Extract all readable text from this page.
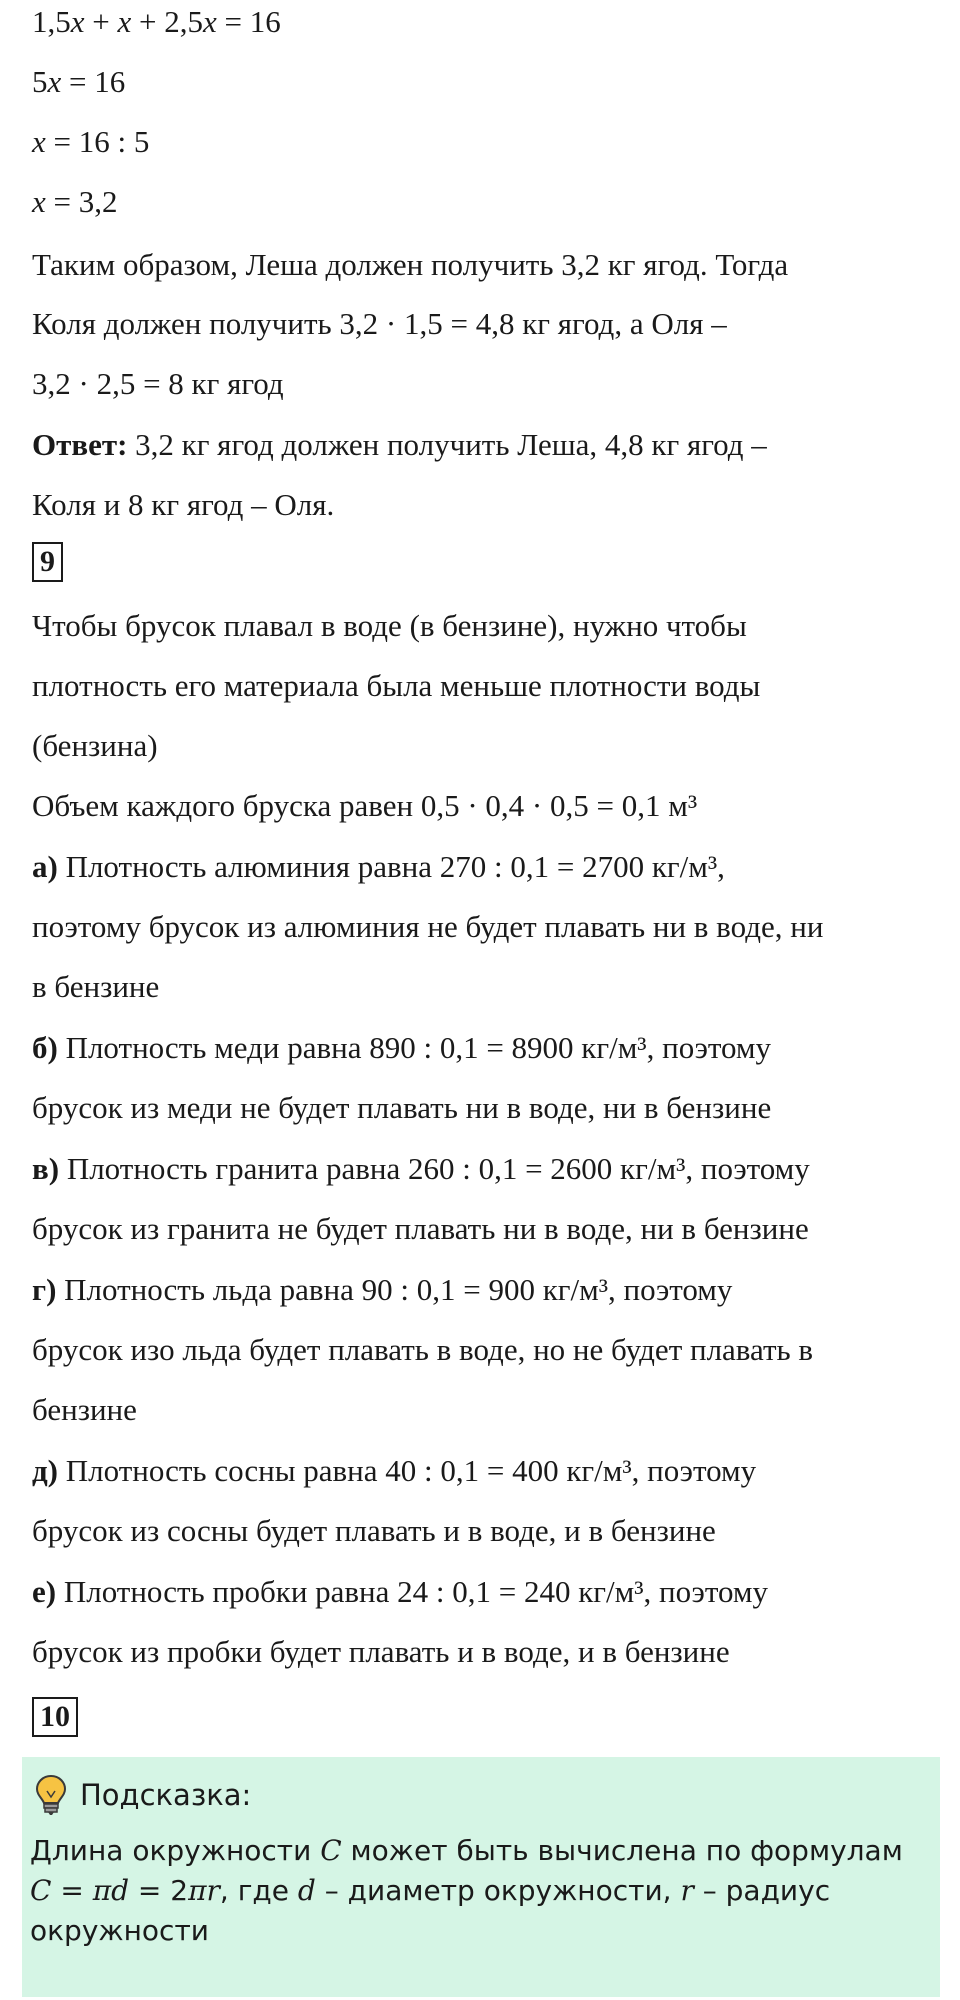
1,5x + x + 2,5x = 16
5x = 16
x = 16 : 5
x = 3,2
Таким образом, Леша должен получить 3,2 кг ягод. Тогда
Коля должен получить 3,2 · 1,5 = 4,8 кг ягод, а Оля –
3,2 · 2,5 = 8 кг ягод
Ответ: 3,2 кг ягод должен получить Леша, 4,8 кг ягод –
Коля и 8 кг ягод – Оля.
9
Чтобы брусок плавал в воде (в бензине), нужно чтобы
плотность его материала была меньше плотности воды
(бензина)
Объем каждого бруска равен 0,5 · 0,4 · 0,5 = 0,1 м³
а) Плотность алюминия равна 270 : 0,1 = 2700 кг/м³,
поэтому брусок из алюминия не будет плавать ни в воде, ни
в бензине
б) Плотность меди равна 890 : 0,1 = 8900 кг/м³, поэтому
брусок из меди не будет плавать ни в воде, ни в бензине
в) Плотность гранита равна 260 : 0,1 = 2600 кг/м³, поэтому
брусок из гранита не будет плавать ни в воде, ни в бензине
г) Плотность льда равна 90 : 0,1 = 900 кг/м³, поэтому
брусок изо льда будет плавать в воде, но не будет плавать в
бензине
д) Плотность сосны равна 40 : 0,1 = 400 кг/м³, поэтому
брусок из сосны будет плавать и в воде, и в бензине
е) Плотность пробки равна 24 : 0,1 = 240 кг/м³, поэтому
брусок из пробки будет плавать и в воде, и в бензине
10
Подсказка:
Длина окружности C может быть вычислена по формулам
C = πd = 2πr, где d – диаметр окружности, r – радиус
окружности
